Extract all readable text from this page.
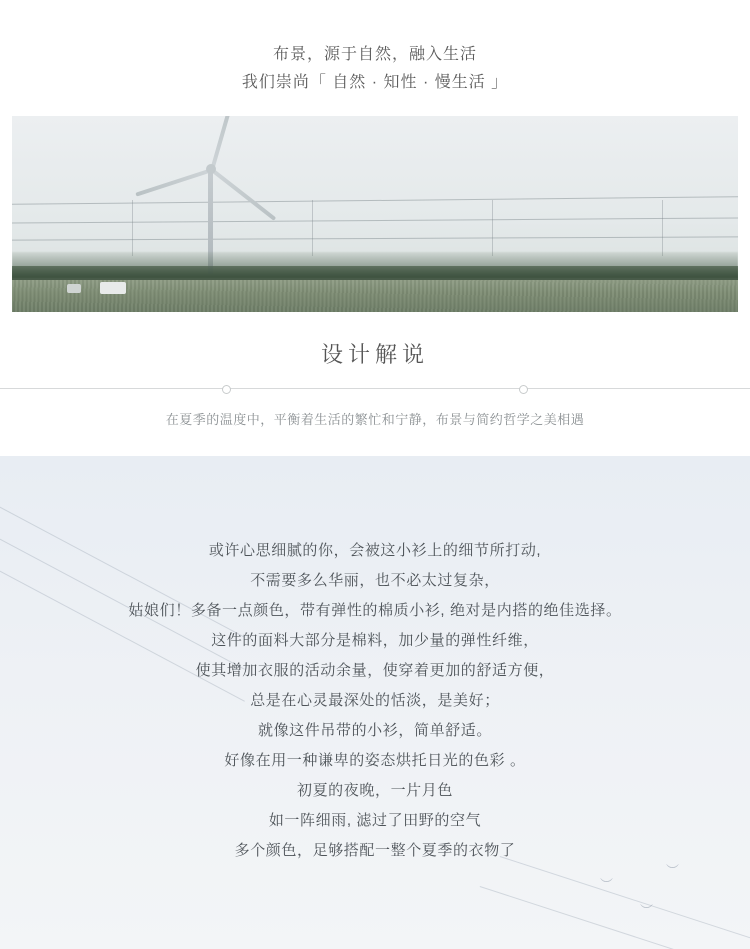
布景，源于自然，融入生活
我们崇尚「 自然 · 知性 · 慢生活 」
设计解说
在夏季的温度中，平衡着生活的繁忙和宁静，布景与简约哲学之美相遇
︶
︶
︶
或许心思细腻的你，会被这小衫上的细节所打动,
不需要多么华丽，也不必太过复杂，
姑娘们！多备一点颜色，带有弹性的棉质小衫, 绝对是内搭的绝佳选择。
这件的面料大部分是棉料，加少量的弹性纤维，
使其增加衣服的活动余量，使穿着更加的舒适方便，
总是在心灵最深处的恬淡，是美好；
就像这件吊带的小衫，简单舒适。
好像在用一种谦卑的姿态烘托日光的色彩 。
初夏的夜晚，一片月色
如一阵细雨, 滤过了田野的空气
多个颜色，足够搭配一整个夏季的衣物了
